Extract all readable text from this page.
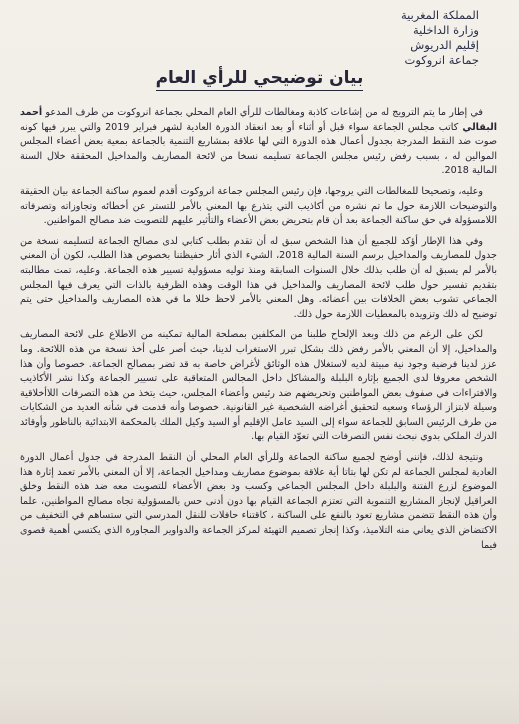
المملكة المغربية
وزارة الداخلية
إقليم الدريوش
جماعة انروكوت
بيان توضيحي للرأي العام

في إطار ما يتم الترويج له من إشاعات كاذبة ومغالطات للرأي العام المحلي بجماعة انروكوت من طرف المدعو أحمد البقالي كاتب مجلس الجماعة سواء قبل أو أثناء أو بعد انعقاد الدورة العادية لشهر فبراير 2019 والتي يبرر فيها كونه صوت ضد النقط المدرجة بجدول أعمال هذه الدورة التي لها علاقة بمشاريع التنمية بالجماعة بمعية بعض أعضاء المجلس الموالين له ، بسبب رفض رئيس مجلس الجماعة تسليمه نسخا من لائحة المصاريف والمداخيل المحققة خلال السنة المالية 2018.

وعليه، وتصحيحا للمغالطات التي يروجها، فإن رئيس المجلس جماعة انروكوت أقدم لعموم ساكنة الجماعة بيان الحقيقة والتوضيحات اللازمة حول ما تم نشره من أكاذيب التي يتذرع بها المعني بالأمر للتستر عن أخطائه وتجاوزاته وتصرفاته اللامسؤولة في حق ساكنة الجماعة بعد أن قام بتحريض بعض الأعضاء والتأثير عليهم للتصويت ضد مصالح المواطنين.

وفي هذا الإطار أؤكد للجميع أن هذا الشخص سبق له أن تقدم بطلب كتابي لدى مصالح الجماعة لتسليمه نسخة من جدول للمصاريف والمداخيل برسم السنة المالية 2018، الشيء الذي أثار حفيظتنا بخصوص هذا الطلب، لكون أن المعني بالأمر لم يسبق له أن طلب بذلك خلال السنوات السابقة ومنذ توليه مسؤولية تسيير هذه الجماعة. وعليه، تمت مطالبته بتقديم تفسير حول طلب لائحة المصاريف والمداخيل في هذا الوقت وهذه الظرفية بالذات التي يعرف فيها المجلس الجماعي تشوب بعض الخلافات بين أعضائه. وهل المعني بالأمر لاحظ خللا ما في هذه المصاريف والمداخيل حتى يتم توضيح له ذلك وتزويده بالمعطيات اللازمة حول ذلك.

لكن على الرغم من ذلك وبعد الإلحاح طلبنا من المكلفين بمصلحة المالية تمكينه من الاطلاع على لائحة المصاريف والمداخيل، إلا أن المعني بالأمر رفض ذلك بشكل تبرر الاستغراب لدينا، حيث أصر على أخذ نسخة من هذه اللائحة. وما عزز لدينا فرضية وجود نية مبيتة لديه لاستغلال هذه الوثائق لأغراض خاصة به قد تضر بمصالح الجماعة. خصوصا وأن هذا الشخص معروفا لدى الجميع بإثارة البلبلة والمشاكل داخل المجالس المتعاقبة على تسيير الجماعة وكذا نشر الأكاذيب والافتراءات في صفوف بعض المواطنين وتحريضهم ضد رئيس وأعضاء المجلس، حيث يتخذ من هذه التصرفات اللاأخلاقية وسيلة لابتزاز الرؤساء وسعيه لتحقيق أغراضه الشخصية غير القانونية. خصوصا وأنه قدمت في شأنه العديد من الشكايات من طرف الرئيس السابق للجماعة سواء إلى السيد عامل الإقليم أو السيد وكيل الملك بالمحكمة الابتدائية بالناظور وأوقائد الدرك الملكي بدوي نبحث نفس التصرفات التي تعوّد القيام بها.

ونتيجة لذلك، فإنني أوضح لجميع ساكنة الجماعة وللرأي العام المحلي أن النقط المدرجة في جدول أعمال الدورة العادية لمجلس الجماعة لم تكن لها بتاتا أية علاقة بموضوع مصاريف ومداخيل الجماعة، إلا أن المعني بالأمر تعمد إثارة هذا الموضوع لزرع الفتنة والبلبلة داخل المجلس الجماعي وكسب ود بعض الأعضاء للتصويت معه ضد هذه النقط وخلق العراقيل لإنجاز المشاريع التنموية التي تعتزم الجماعة القيام بها دون أدنى حس بالمسؤولية تجاه مصالح المواطنين، علما وأن هذه النقط تتضمن مشاريع تعود بالنفع على الساكنة ، كاقتناء حافلات للنقل المدرسي التي ستساهم في التخفيف من الاكتضاض الذي يعاني منه التلاميذ، وكذا إنجاز تصميم التهيئة لمركز الجماعة والدواوير المجاورة الذي يكتسي أهمية قصوى فيما
